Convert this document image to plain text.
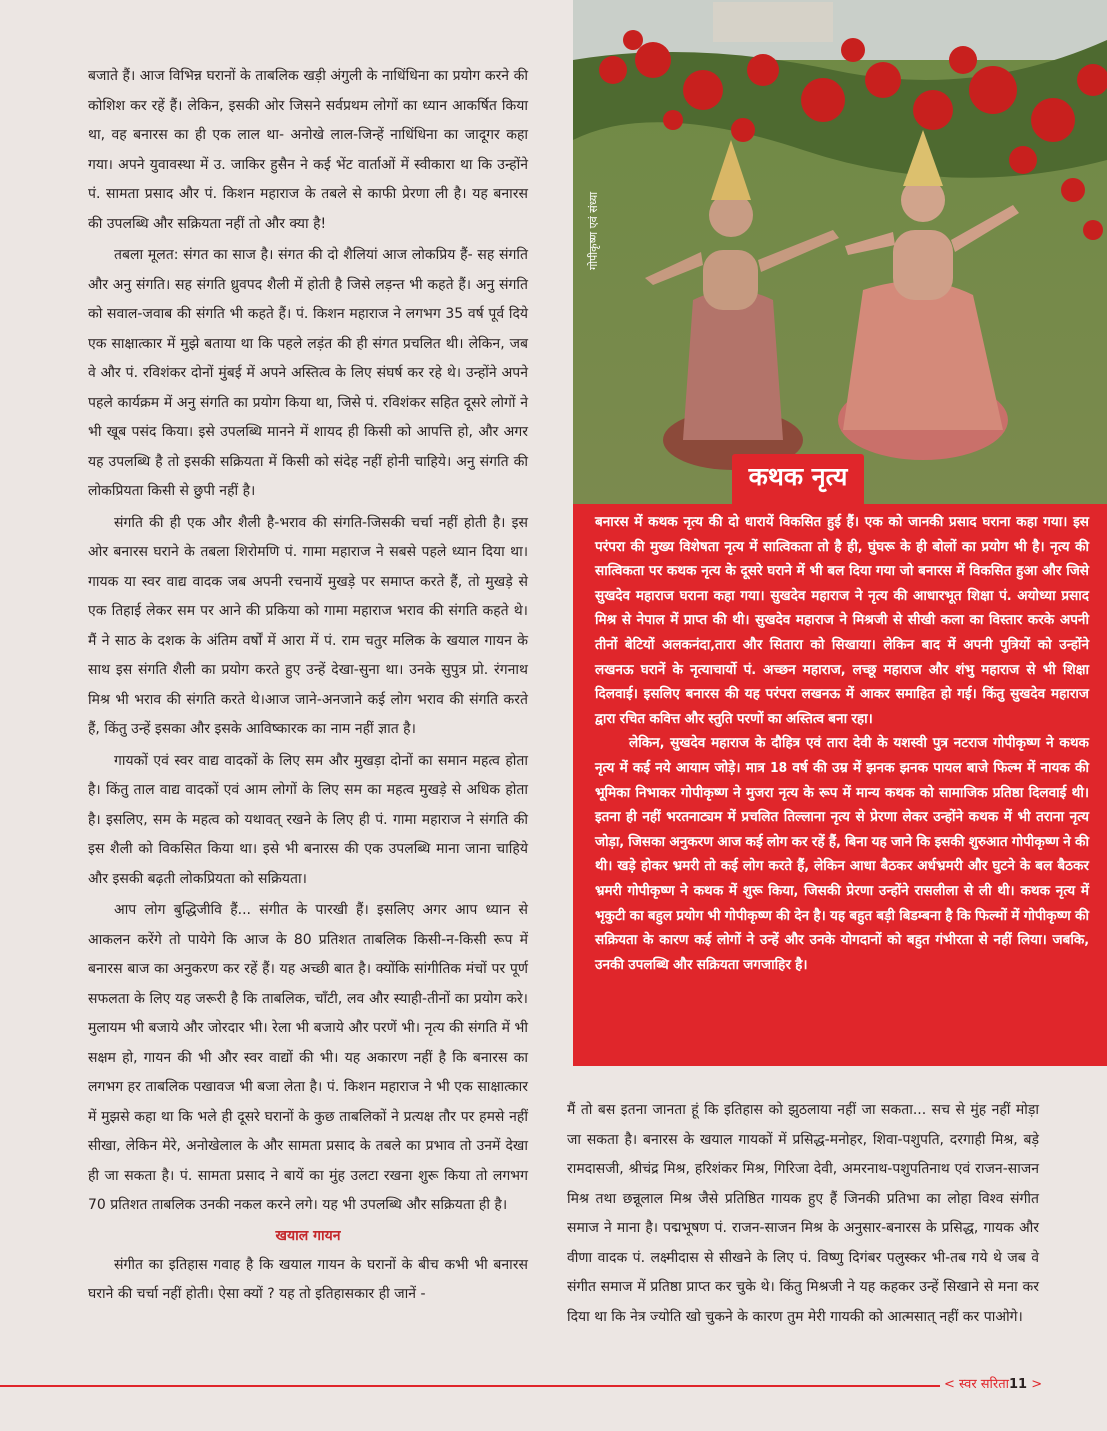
बजाते हैं। आज विभिन्न घरानों के ताबलिक खड़ी अंगुली के नाधिंधिना का प्रयोग करने की कोशिश कर रहें हैं। लेकिन, इसकी ओर जिसने सर्वप्रथम लोगों का ध्यान आकर्षित किया था, वह बनारस का ही एक लाल था- अनोखे लाल-जिन्हें नाधिंधिना का जादूगर कहा गया। अपने युवावस्था में उ. जाकिर हुसैन ने कई भेंट वार्ताओं में स्वीकारा था कि उन्होंने पं. सामता प्रसाद और पं. किशन महाराज के तबले से काफी प्रेरणा ली है। यह बनारस की उपलब्धि और सक्रियता नहीं तो और क्या है!

तबला मूलत: संगत का साज है। संगत की दो शैलियां आज लोकप्रिय हैं- सह संगति और अनु संगति। सह संगति ध्रुवपद शैली में होती है जिसे लड़न्त भी कहते हैं। अनु संगति को सवाल-जवाब की संगति भी कहते हैं। पं. किशन महाराज ने लगभग 35 वर्ष पूर्व दिये एक साक्षात्कार में मुझे बताया था कि पहले लड़ंत की ही संगत प्रचलित थी। लेकिन, जब वे और पं. रविशंकर दोनों मुंबई में अपने अस्तित्व के लिए संघर्ष कर रहे थे। उन्होंने अपने पहले कार्यक्रम में अनु संगति का प्रयोग किया था, जिसे पं. रविशंकर सहित दूसरे लोगों ने भी खूब पसंद किया। इसे उपलब्धि मानने में शायद ही किसी को आपत्ति हो, और अगर यह उपलब्धि है तो इसकी सक्रियता में किसी को संदेह नहीं होनी चाहिये। अनु संगति की लोकप्रियता किसी से छुपी नहीं है।

संगति की ही एक और शैली है-भराव की संगति-जिसकी चर्चा नहीं होती है। इस ओर बनारस घराने के तबला शिरोमणि पं. गामा महाराज ने सबसे पहले ध्यान दिया था। गायक या स्वर वाद्य वादक जब अपनी रचनायें मुखड़े पर समाप्त करते हैं, तो मुखड़े से एक तिहाई लेकर सम पर आने की प्रकिया को गामा महाराज भराव की संगति कहते थे। मैं ने साठ के दशक के अंतिम वर्षों में आरा में पं. राम चतुर मलिक के खयाल गायन के साथ इस संगति शैली का प्रयोग करते हुए उन्हें देखा-सुना था। उनके सुपुत्र प्रो. रंगनाथ मिश्र भी भराव की संगति करते थे।आज जाने-अनजाने कई लोग भराव की संगति करते हैं, किंतु उन्हें इसका और इसके आविष्कारक का नाम नहीं ज्ञात है।

गायकों एवं स्वर वाद्य वादकों के लिए सम और मुखड़ा दोनों का समान महत्व होता है। किंतु ताल वाद्य वादकों एवं आम लोगों के लिए सम का महत्व मुखड़े से अधिक होता है। इसलिए, सम के महत्व को यथावत् रखने के लिए ही पं. गामा महाराज ने संगति की इस शैली को विकसित किया था। इसे भी बनारस की एक उपलब्धि माना जाना चाहिये और इसकी बढ़ती लोकप्रियता को सक्रियता।

आप लोग बुद्धिजीवि हैं... संगीत के पारखी हैं। इसलिए अगर आप ध्यान से आकलन करेंगे तो पायेगे कि आज के 80 प्रतिशत ताबलिक किसी-न-किसी रूप में बनारस बाज का अनुकरण कर रहें हैं। यह अच्छी बात है। क्योंकि सांगीतिक मंचों पर पूर्ण सफलता के लिए यह जरूरी है कि ताबलिक, चाँटी, लव और स्याही-तीनों का प्रयोग करे। मुलायम भी बजाये और जोरदार भी। रेला भी बजाये और परणें भी। नृत्य की संगति में भी सक्षम हो, गायन की भी और स्वर वाद्यों की भी। यह अकारण नहीं है कि बनारस का लगभग हर ताबलिक पखावज भी बजा लेता है। पं. किशन महाराज ने भी एक साक्षात्कार में मुझसे कहा था कि भले ही दूसरे घरानों के कुछ ताबलिकों ने प्रत्यक्ष तौर पर हमसे नहीं सीखा, लेकिन मेरे, अनोखेलाल के और सामता प्रसाद के तबले का प्रभाव तो उनमें देखा ही जा सकता है। पं. सामता प्रसाद ने बायें का मुंह उलटा रखना शुरू किया तो लगभग 70 प्रतिशत ताबलिक उनकी नकल करने लगे। यह भी उपलब्धि और सक्रियता ही है।

खयाल गायन

संगीत का इतिहास गवाह है कि खयाल गायन के घरानों के बीच कभी भी बनारस घराने की चर्चा नहीं होती। ऐसा क्यों ? यह तो इतिहासकार ही जानें -

गोपीकृष्ण एवं संध्या
कथक नृत्य

बनारस में कथक नृत्य की दो धारायें विकसित हुई हैं। एक को जानकी प्रसाद घराना कहा गया। इस परंपरा की मुख्य विशेषता नृत्य में सात्विकता तो है ही, घुंघरू के ही बोलों का प्रयोग भी है। नृत्य की सात्विकता पर कथक नृत्य के दूसरे घराने में भी बल दिया गया जो बनारस में विकसित हुआ और जिसे सुखदेव महाराज घराना कहा गया। सुखदेव महाराज ने नृत्य की आधारभूत शिक्षा पं. अयोध्या प्रसाद मिश्र से नेपाल में प्राप्त की थी। सुखदेव महाराज ने मिश्रजी से सीखी कला का विस्तार करके अपनी तीनों बेटियों अलकनंदा,तारा और सितारा को सिखाया। लेकिन बाद में अपनी पुत्रियों को उन्होंने लखनऊ घरानें के नृत्याचार्यो पं. अच्छन महाराज, लच्छू महाराज और शंभु महाराज से भी शिक्षा दिलवाई। इसलिए बनारस की यह परंपरा लखनऊ में आकर समाहित हो गई। किंतु सुखदेव महाराज द्वारा रचित कवित्त और स्तुति परणों का अस्तित्व बना रहा।

लेकिन, सुखदेव महाराज के दौहित्र एवं तारा देवी के यशस्वी पुत्र नटराज गोपीकृष्ण ने कथक नृत्य में कई नये आयाम जोड़े। मात्र 18 वर्ष की उम्र में झनक झनक पायल बाजे फिल्म में नायक की भूमिका निभाकर गोपीकृष्ण ने मुजरा नृत्य के रूप में मान्य कथक को सामाजिक प्रतिष्ठा दिलवाई थी। इतना ही नहीं भरतनाट्यम में प्रचलित तिल्लाना नृत्य से प्रेरणा लेकर उन्होंने कथक में भी तराना नृत्य जोड़ा, जिसका अनुकरण आज कई लोग कर रहें हैं, बिना यह जाने कि इसकी शुरुआत गोपीकृष्ण ने की थी। खड़े होकर भ्रमरी तो कई लोग करते हैं, लेकिन आधा बैठकर अर्धभ्रमरी और घुटने के बल बैठकर भ्रमरी गोपीकृष्ण ने कथक में शुरू किया, जिसकी प्रेरणा उन्होंने रासलीला से ली थी। कथक नृत्य में भृकुटी का बहुल प्रयोग भी गोपीकृष्ण की देन है। यह बहुत बड़ी बिडम्बना है कि फिल्मों में गोपीकृष्ण की सक्रियता के कारण कई लोगों ने उन्हें और उनके योगदानों को बहुत गंभीरता से नहीं लिया। जबकि, उनकी उपलब्धि और सक्रियता जगजाहिर है।

मैं तो बस इतना जानता हूं कि इतिहास को झुठलाया नहीं जा सकता... सच से मुंह नहीं मोड़ा जा सकता है। बनारस के खयाल गायकों में प्रसिद्ध-मनोहर, शिवा-पशुपति, दरगाही मिश्र, बड़े रामदासजी, श्रीचंद्र मिश्र, हरिशंकर मिश्र, गिरिजा देवी, अमरनाथ-पशुपतिनाथ एवं राजन-साजन मिश्र तथा छन्नूलाल मिश्र जैसे प्रतिष्ठित गायक हुए हैं जिनकी प्रतिभा का लोहा विश्व संगीत समाज ने माना है। पद्मभूषण पं. राजन-साजन मिश्र के अनुसार-बनारस के प्रसिद्ध, गायक और वीणा वादक पं. लक्ष्मीदास से सीखने के लिए पं. विष्णु दिगंबर पलुस्कर भी-तब गये थे जब वे संगीत समाज में प्रतिष्ठा प्राप्त कर चुके थे। किंतु मिश्रजी ने यह कहकर उन्हें सिखाने से मना कर दिया था कि नेत्र ज्योति खो चुकने के कारण तुम मेरी गायकी को आत्मसात् नहीं कर पाओगे।

< स्वर सरिता11 >
